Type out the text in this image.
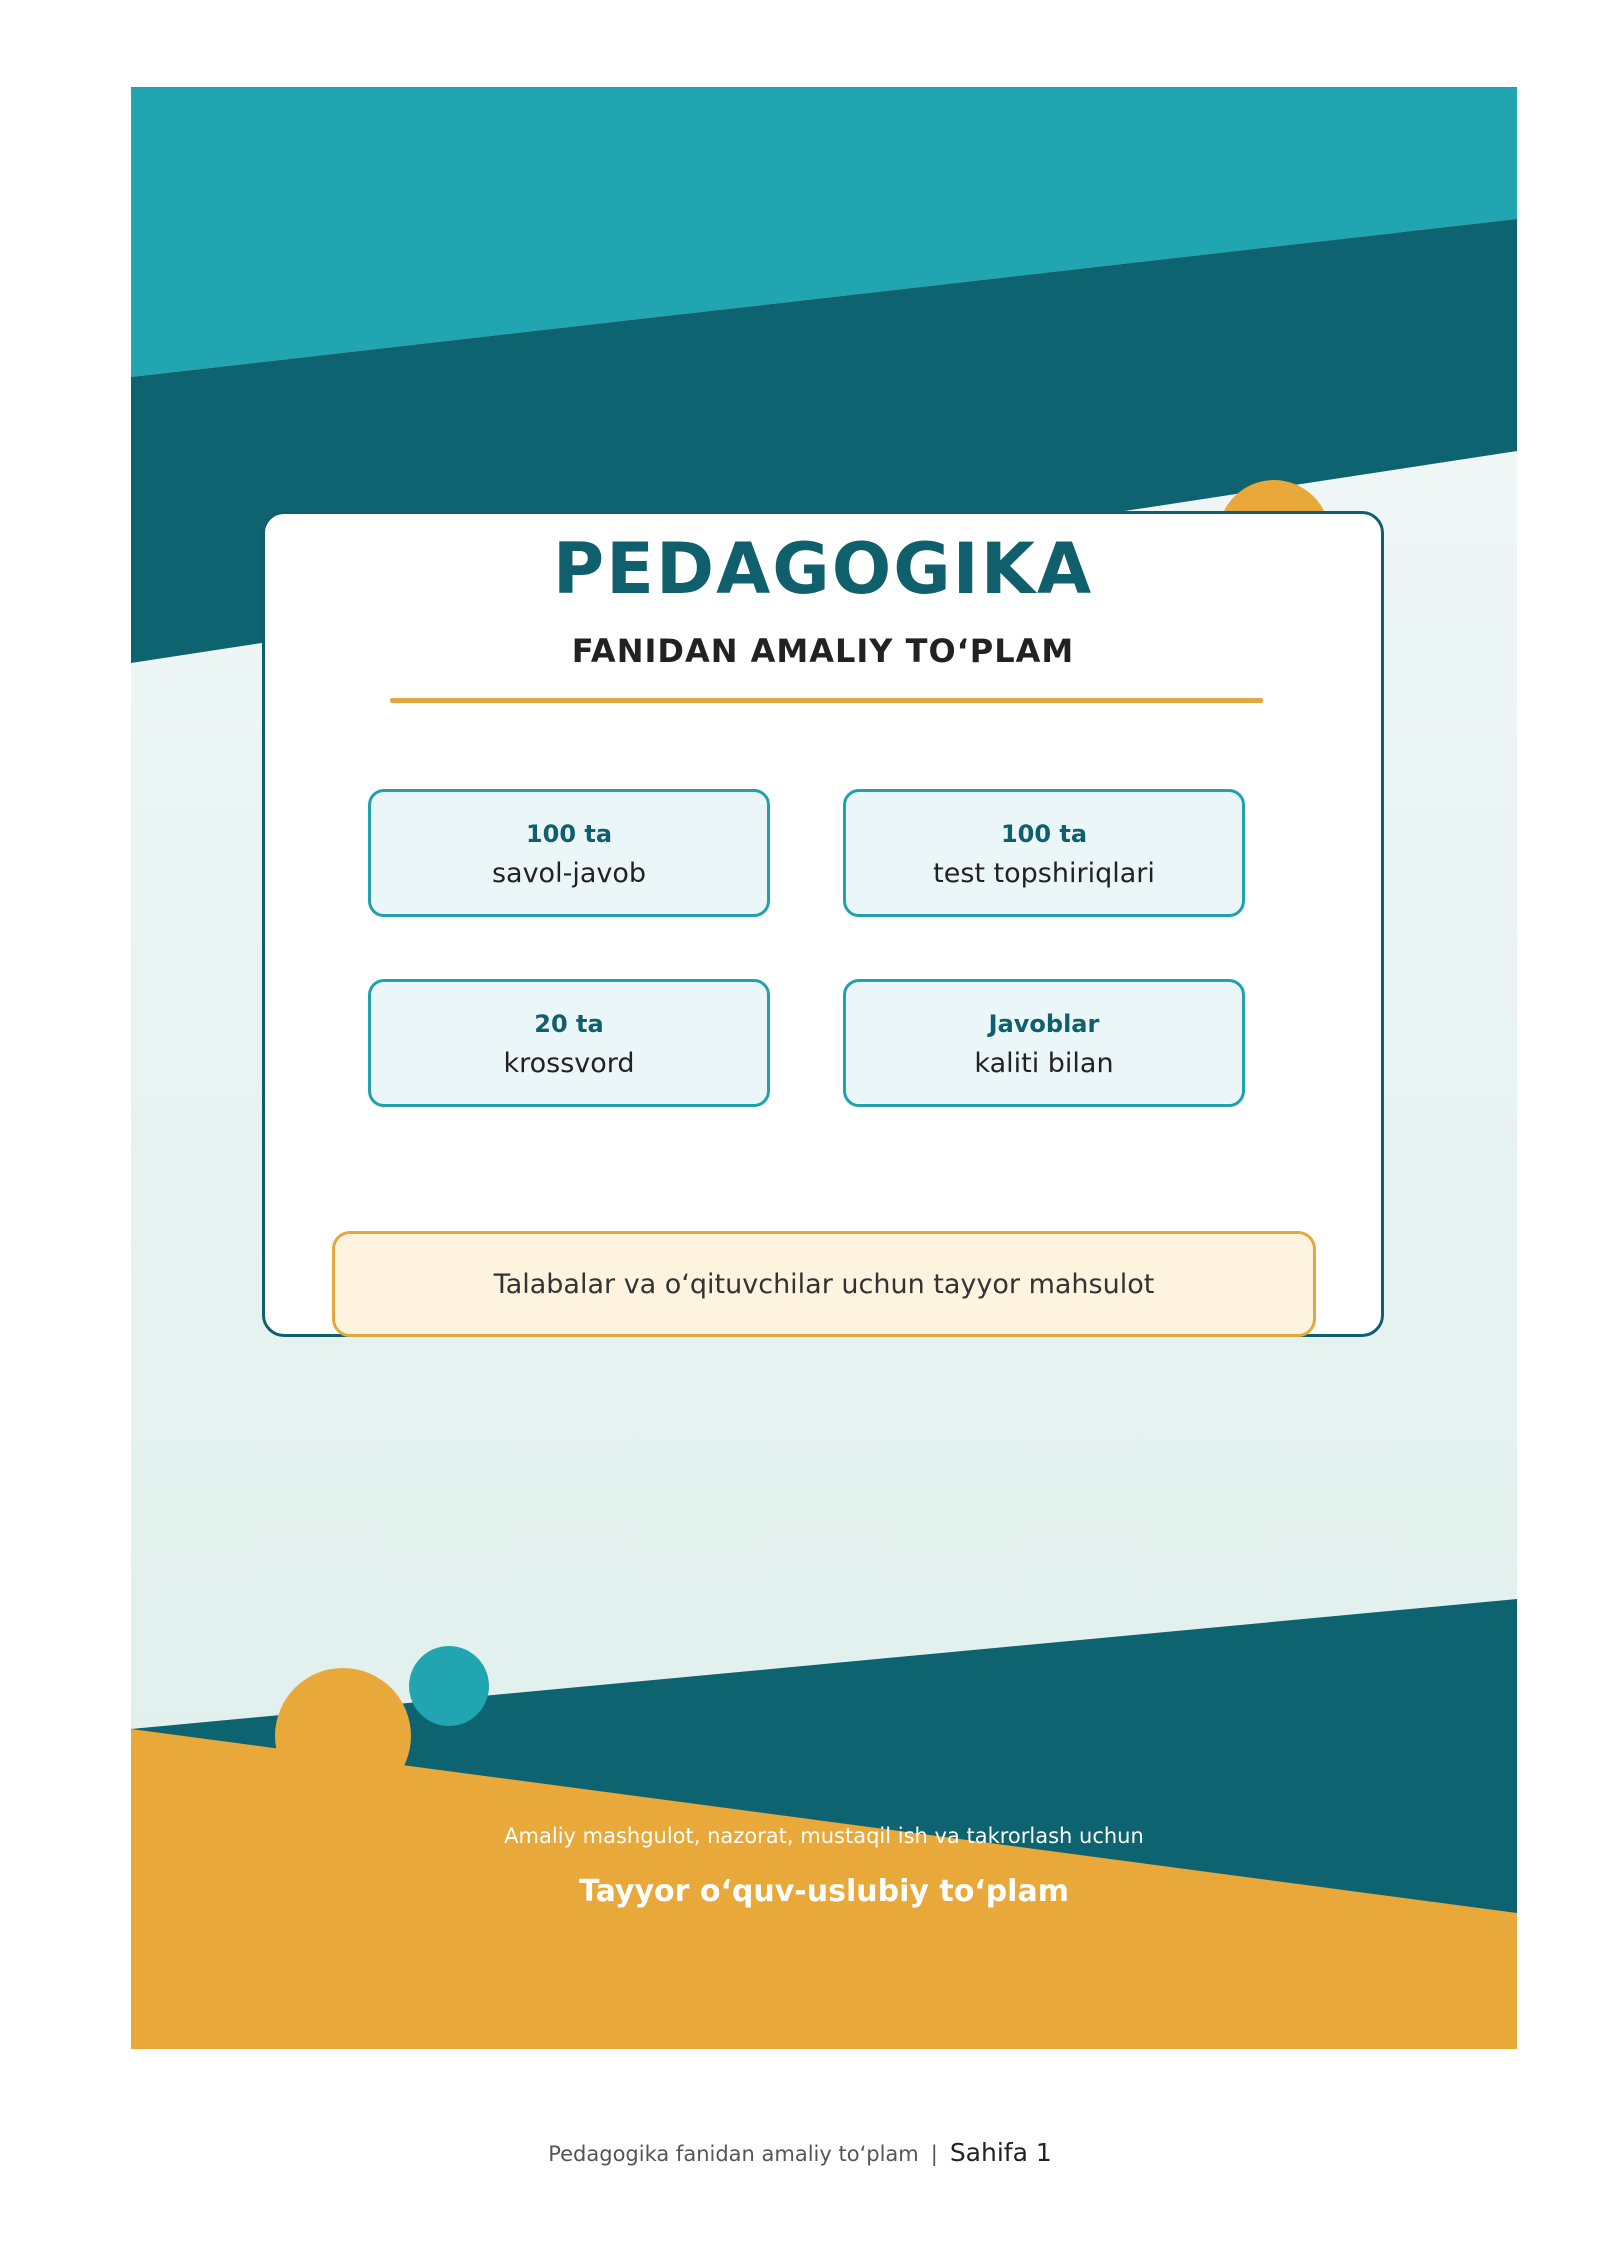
PEDAGOGIKA
FANIDAN AMALIY TO‘PLAM
100 ta
savol-javob
100 ta
test topshiriqlari
20 ta
krossvord
Javoblar
kaliti bilan
Talabalar va o‘qituvchilar uchun tayyor mahsulot
Amaliy mashgulot, nazorat, mustaqil ish va takrorlash uchun
Tayyor o‘quv-uslubiy to‘plam
Pedagogika fanidan amaliy to‘plam | Sahifa 1
